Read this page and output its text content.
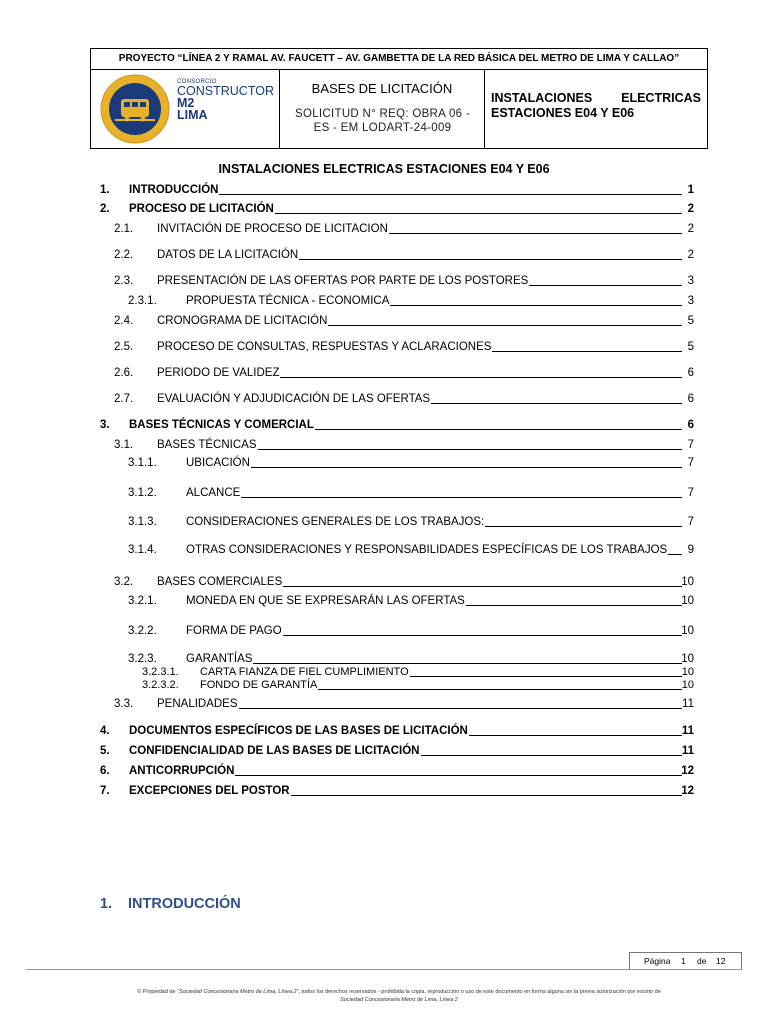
PROYECTO “LÍNEA 2 Y RAMAL AV. FAUCETT – AV. GAMBETTA DE LA RED BÁSICA DEL METRO DE LIMA Y CALLAO”
CONSORCIO
CONSTRUCTOR
M2
LIMA
BASES DE LICITACIÓN
SOLICITUD N° REQ: OBRA 06 - ES - EM LODART-24-009
INSTALACIONES ELECTRICAS
ESTACIONES E04 Y E06
INSTALACIONES ELECTRICAS ESTACIONES E04 Y E06
1. INTRODUCCIÓN	1
2. PROCESO DE LICITACIÓN	2
2.1. INVITACIÓN DE PROCESO DE LICITACION	2
2.2. DATOS DE LA LICITACIÓN	2
2.3. PRESENTACIÓN DE LAS OFERTAS POR PARTE DE LOS POSTORES	3
2.3.1.	PROPUESTA TÉCNICA - ECONOMICA	3
2.4. CRONOGRAMA DE LICITACIÓN	5
2.5. PROCESO DE CONSULTAS, RESPUESTAS Y ACLARACIONES	5
2.6. PERIODO DE VALIDEZ	6
2.7. EVALUACIÓN Y ADJUDICACIÓN DE LAS OFERTAS	6
3. BASES TÉCNICAS Y COMERCIAL	6
3.1. BASES TÉCNICAS	7
3.1.1.	UBICACIÓN	7
3.1.2.	ALCANCE	7
3.1.3.	CONSIDERACIONES GENERALES DE LOS TRABAJOS:	7
3.1.4.	OTRAS CONSIDERACIONES Y RESPONSABILIDADES ESPECÍFICAS DE LOS TRABAJOS 9
3.2. BASES COMERCIALES	10
3.2.1.	MONEDA EN QUE SE EXPRESARÁN LAS OFERTAS	10
3.2.2.	FORMA DE PAGO	10
3.2.3.	GARANTÍAS	10
3.2.3.1. CARTA FIANZA DE FIEL CUMPLIMIENTO	10
3.2.3.2. FONDO DE GARANTÍA	10
3.3. PENALIDADES	11
4. DOCUMENTOS ESPECÍFICOS DE LAS BASES DE LICITACIÓN	11
5. CONFIDENCIALIDAD DE LAS BASES DE LICITACIÓN	11
6. ANTICORRUPCIÓN	12
7. EXCEPCIONES DEL POSTOR	12
1. INTRODUCCIÓN
Página 1 de 12
© Propiedad de “Sociedad Concesionaria Metro de Lima, Línea 2”, todos los derechos reservados - prohibida la copia, reproducción o uso de este documento en forma alguna sin la previa autorización por escrito de
Sociedad Concesionaria Metro de Lima, Línea 2
